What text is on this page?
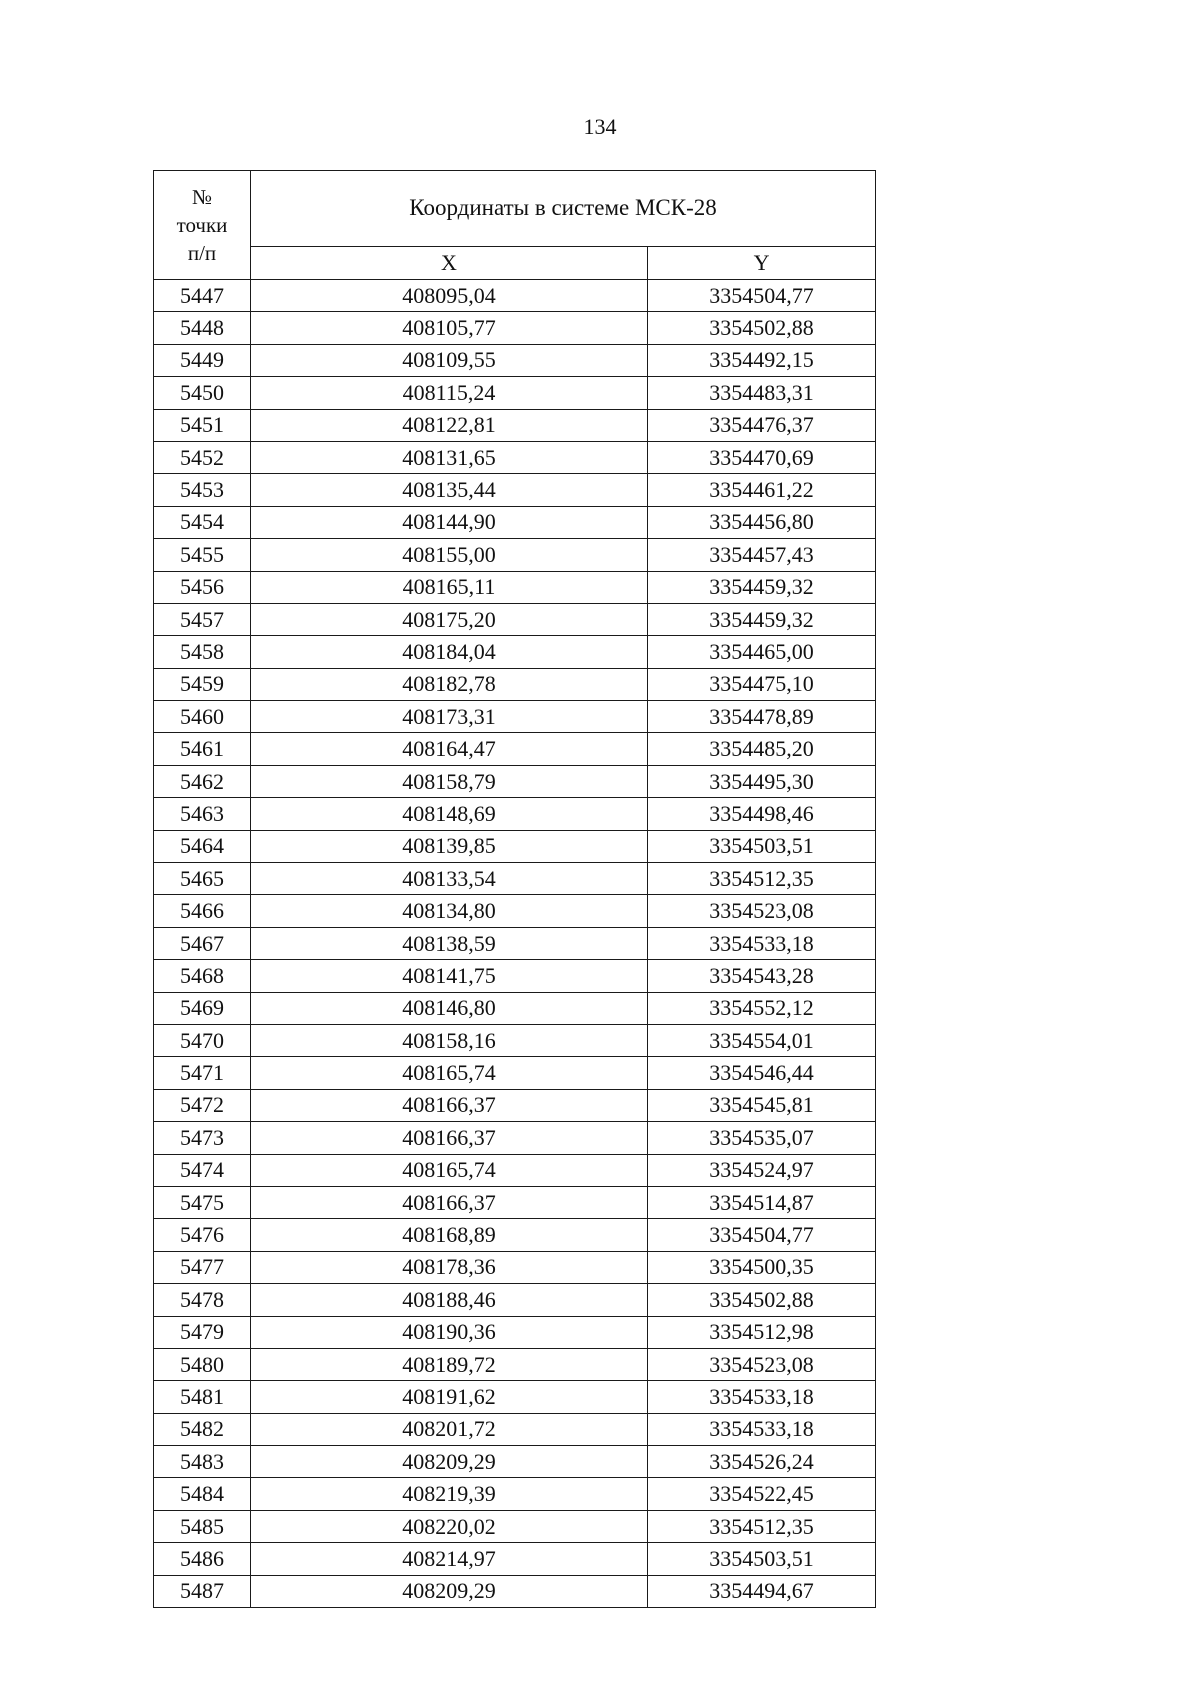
134
№
точки
п/п	Координаты в системе МСК-28	
	X	Y
5447	408095,04	3354504,77
5448	408105,77	3354502,88
5449	408109,55	3354492,15
5450	408115,24	3354483,31
5451	408122,81	3354476,37
5452	408131,65	3354470,69
5453	408135,44	3354461,22
5454	408144,90	3354456,80
5455	408155,00	3354457,43
5456	408165,11	3354459,32
5457	408175,20	3354459,32
5458	408184,04	3354465,00
5459	408182,78	3354475,10
5460	408173,31	3354478,89
5461	408164,47	3354485,20
5462	408158,79	3354495,30
5463	408148,69	3354498,46
5464	408139,85	3354503,51
5465	408133,54	3354512,35
5466	408134,80	3354523,08
5467	408138,59	3354533,18
5468	408141,75	3354543,28
5469	408146,80	3354552,12
5470	408158,16	3354554,01
5471	408165,74	3354546,44
5472	408166,37	3354545,81
5473	408166,37	3354535,07
5474	408165,74	3354524,97
5475	408166,37	3354514,87
5476	408168,89	3354504,77
5477	408178,36	3354500,35
5478	408188,46	3354502,88
5479	408190,36	3354512,98
5480	408189,72	3354523,08
5481	408191,62	3354533,18
5482	408201,72	3354533,18
5483	408209,29	3354526,24
5484	408219,39	3354522,45
5485	408220,02	3354512,35
5486	408214,97	3354503,51
5487	408209,29	3354494,67
